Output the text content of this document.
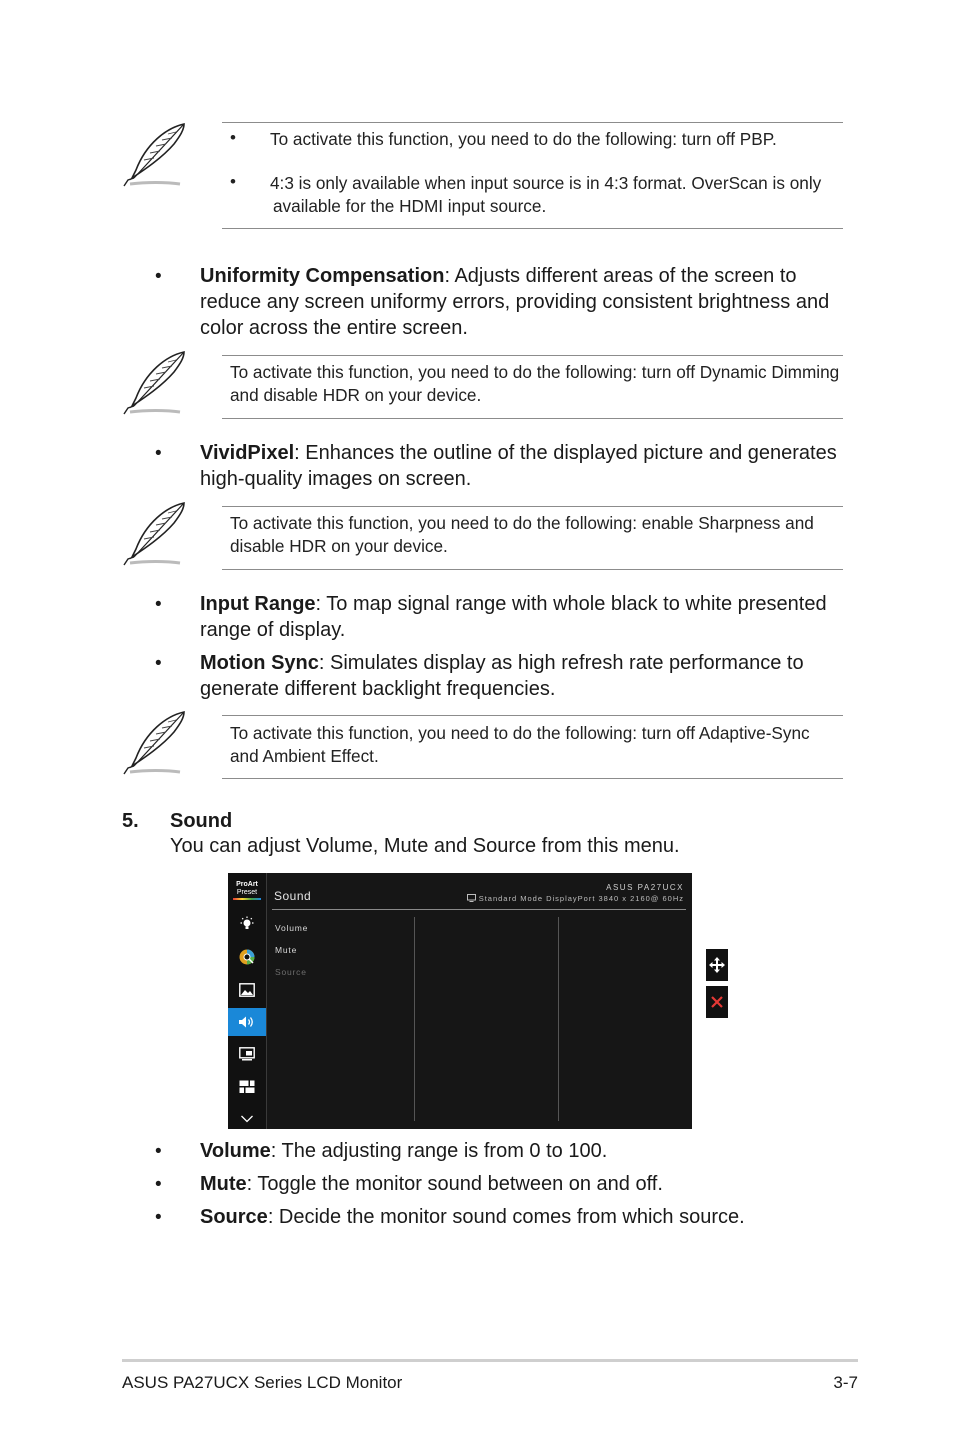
• To activate this function, you need to do the following: turn off PBP.
• 4:3 is only available when input source is in 4:3 format. OverScan is only
available for the HDMI input source.
• Uniformity Compensation: Adjusts different areas of the screen to
reduce any screen uniformy errors, providing consistent brightness and
color across the entire screen.
To activate this function, you need to do the following: turn off Dynamic Dimming
and disable HDR on your device.
• VividPixel: Enhances the outline of the displayed picture and generates
high-quality images on screen.
To activate this function, you need to do the following: enable Sharpness and
disable HDR on your device.
• Input Range: To map signal range with whole black to white presented
range of display.
• Motion Sync: Simulates display as high refresh rate performance to
generate different backlight frequencies.
To activate this function, you need to do the following: turn off Adaptive-Sync
and Ambient Effect.
5. Sound
You can adjust Volume, Mute and Source from this menu.
ProArt
Preset	Sound
ASUS PA27UCX
Standard Mode DisplayPort 3840 x 2160@ 60Hz
Volume
Mute
Source
• Volume: The adjusting range is from 0 to 100.
• Mute: Toggle the monitor sound between on and off.
• Source: Decide the monitor sound comes from which source.
ASUS PA27UCX Series LCD Monitor	3-7
